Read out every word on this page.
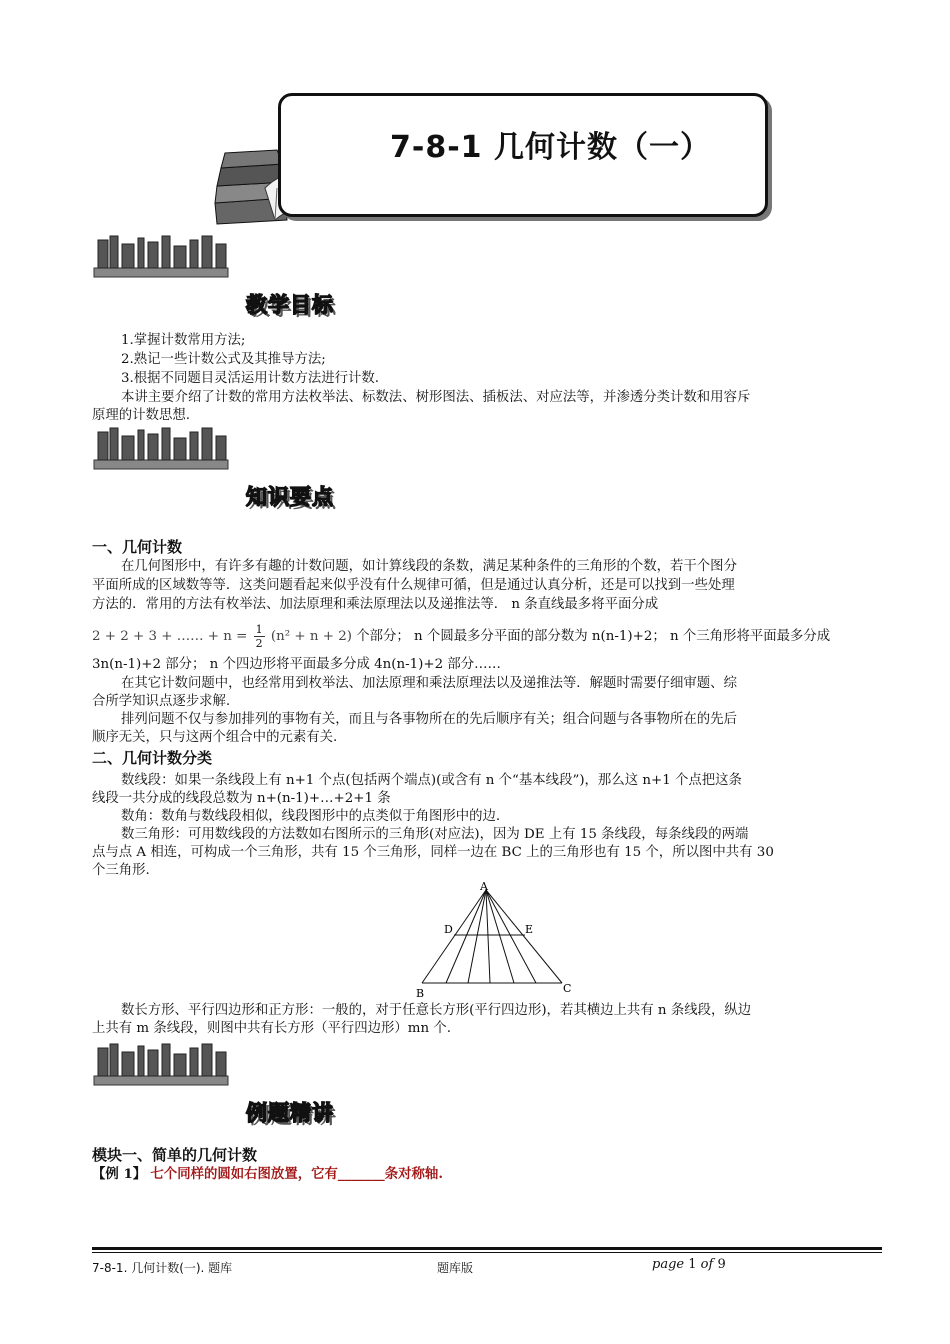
7-8-1 几何计数（一）
教学目标
1.掌握计数常用方法;
2.熟记一些计数公式及其推导方法;
3.根据不同题目灵活运用计数方法进行计数.
本讲主要介绍了计数的常用方法枚举法、标数法、树形图法、插板法、对应法等，并渗透分类计数和用容斥
原理的计数思想.
知识要点
一、几何计数
在几何图形中，有许多有趣的计数问题，如计算线段的条数，满足某种条件的三角形的个数，若干个图分
平面所成的区域数等等．这类问题看起来似乎没有什么规律可循，但是通过认真分析，还是可以找到一些处理
方法的．常用的方法有枚举法、加法原理和乘法原理法以及递推法等． n 条直线最多将平面分成
2 + 2 + 3 + …… + $n = \frac{1}{2} (n^2 + n + 2)$ 个部分； n 个圆最多分平面的部分数为 n(n-1)+2； n 个三角形将平面最多分成
3n(n-1)+2 部分； n 个四边形将平面最多分成 4n(n-1)+2 部分……
在其它计数问题中，也经常用到枚举法、加法原理和乘法原理法以及递推法等．解题时需要仔细审题、综
合所学知识点逐步求解.
排列问题不仅与参加排列的事物有关，而且与各事物所在的先后顺序有关；组合问题与各事物所在的先后
顺序无关，只与这两个组合中的元素有关.
二、几何计数分类
数线段：如果一条线段上有 n+1 个点(包括两个端点)(或含有 n 个“基本线段”)，那么这 n+1 个点把这条
线段一共分成的线段总数为 n+(n-1)+…+2+1 条
数角：数角与数线段相似，线段图形中的点类似于角图形中的边.
数三角形：可用数线段的方法数如右图所示的三角形(对应法)，因为 DE 上有 15 条线段，每条线段的两端
点与点 A 相连，可构成一个三角形，共有 15 个三角形，同样一边在 BC 上的三角形也有 15 个，所以图中共有 30
个三角形.
A
D	E
B	C
数长方形、平行四边形和正方形：一般的，对于任意长方形(平行四边形)，若其横边上共有 n 条线段，纵边
上共有 m 条线段，则图中共有长方形（平行四边形）mn 个.
例题精讲
模块一、简单的几何计数
【例 1】 七个同样的圆如右图放置，它有_______条对称轴.
7-8-1. 几何计数(一). 题库	题库版	page 1 of 9
